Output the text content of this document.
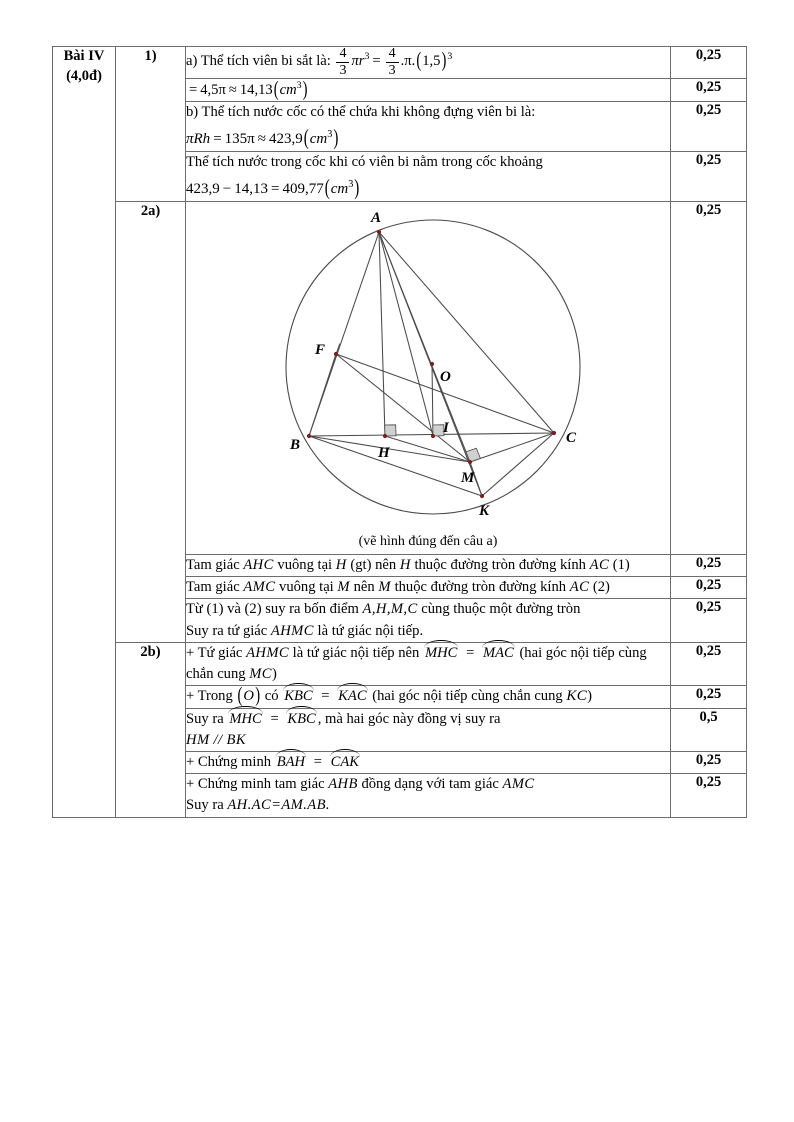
Bài IV
(4,0đ)
	1)	a) Thể tích viên bi sắt là: $\frac{4}{3} \pi r^3 = \frac{4}{3} .\pi.(1,5)^3$	0,25
		= $4,5\pi \approx 14,13(cm^3)$	0,25
		b) Thể tích nước cốc có thể chứa khi không đựng viên bi là:
$\pi Rh = 135\pi \approx 423,9(cm^3)$	0,25
		Thể tích nước trong cốc khi có viên bi nằm trong cốc khoảng
$423,9 - 14,13 = 409,77(cm^3)$	0,25
2a)	A
F
O
B	H
I
C
M
K
(vẽ hình đúng đến câu a)
	0,25
		Tam giác AHC vuông tại H (gt) nên H thuộc đường tròn đường kính AC (1)	0,25
		Tam giác AMC vuông tại M nên M thuộc đường tròn đường kính AC (2)	0,25
		Từ (1) và (2) suy ra bốn điểm A,H,M,C cùng thuộc một đường tròn
Suy ra tứ giác AHMC là tứ giác nội tiếp.	0,25
	2b)	+ Tứ giác AHMC là tứ giác nội tiếp nên MHC = MAC (hai góc nội tiếp cùng chắn cung MC)	0,25
		+ Trong (O) có KBC = KAC (hai góc nội tiếp cùng chắn cung KC)	0,25
		Suy ra MHC = KBC , mà hai góc này đồng vị suy ra
HM // BK	0,5
		+ Chứng minh BAH = CAK	0,25
		+ Chứng minh tam giác AHB đồng dạng với tam giác AMC
Suy ra AH.AC=AM.AB.	0,25
